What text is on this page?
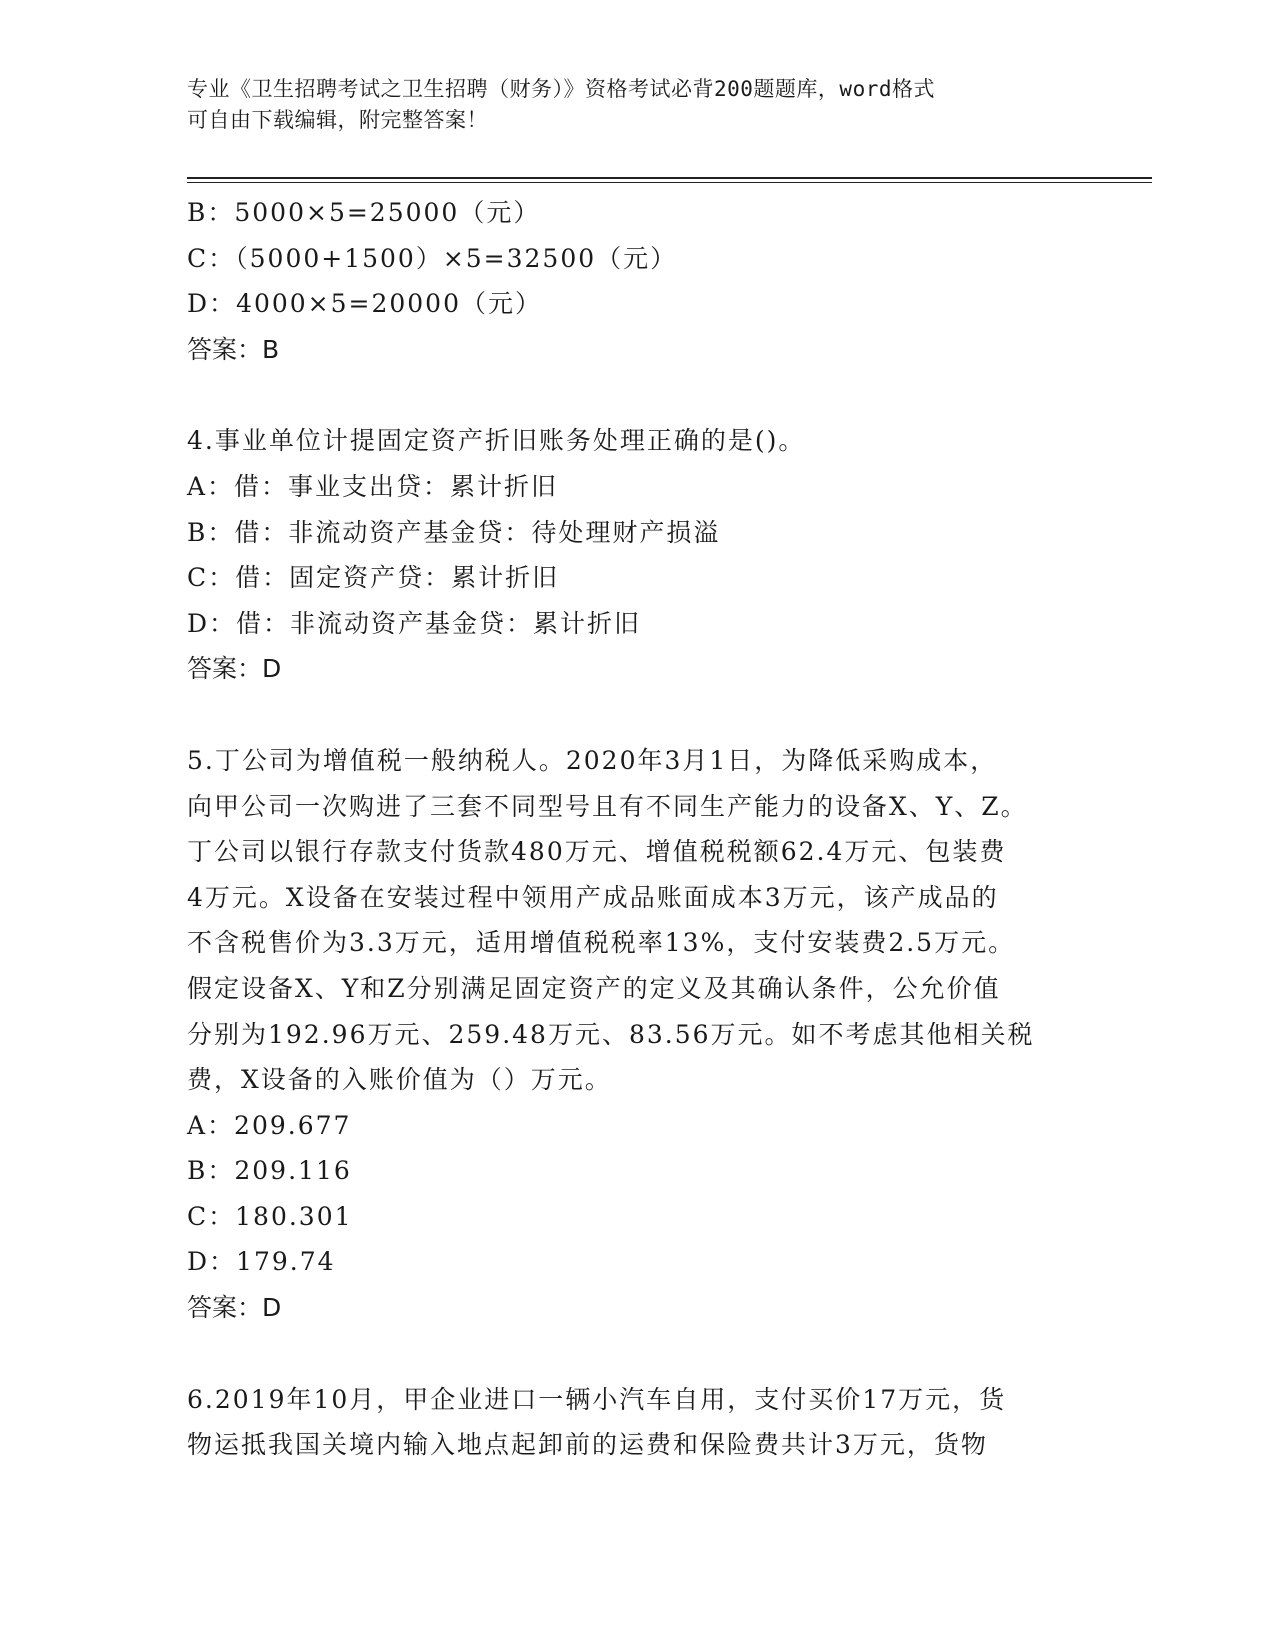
专业《卫生招聘考试之卫生招聘（财务）》资格考试必背200题题库，word格式
可自由下载编辑，附完整答案！
B：5000×5=25000（元）
C：（5000+1500）×5=32500（元）
D：4000×5=20000（元）
答案：B
4.事业单位计提固定资产折旧账务处理正确的是()。
A：借：事业支出贷：累计折旧
B：借：非流动资产基金贷：待处理财产损溢
C：借：固定资产贷：累计折旧
D：借：非流动资产基金贷：累计折旧
答案：D
5.丁公司为增值税一般纳税人。2020年3月1日，为降低采购成本，
向甲公司一次购进了三套不同型号且有不同生产能力的设备X、Y、Z。
丁公司以银行存款支付货款480万元、增值税税额62.4万元、包装费
4万元。X设备在安装过程中领用产成品账面成本3万元，该产成品的
不含税售价为3.3万元，适用增值税税率13%，支付安装费2.5万元。
假定设备X、Y和Z分别满足固定资产的定义及其确认条件，公允价值
分别为192.96万元、259.48万元、83.56万元。如不考虑其他相关税
费，X设备的入账价值为（）万元。
A：209.677
B：209.116
C：180.301
D：179.74
答案：D
6.2019年10月，甲企业进口一辆小汽车自用，支付买价17万元，货
物运抵我国关境内输入地点起卸前的运费和保险费共计3万元，货物
